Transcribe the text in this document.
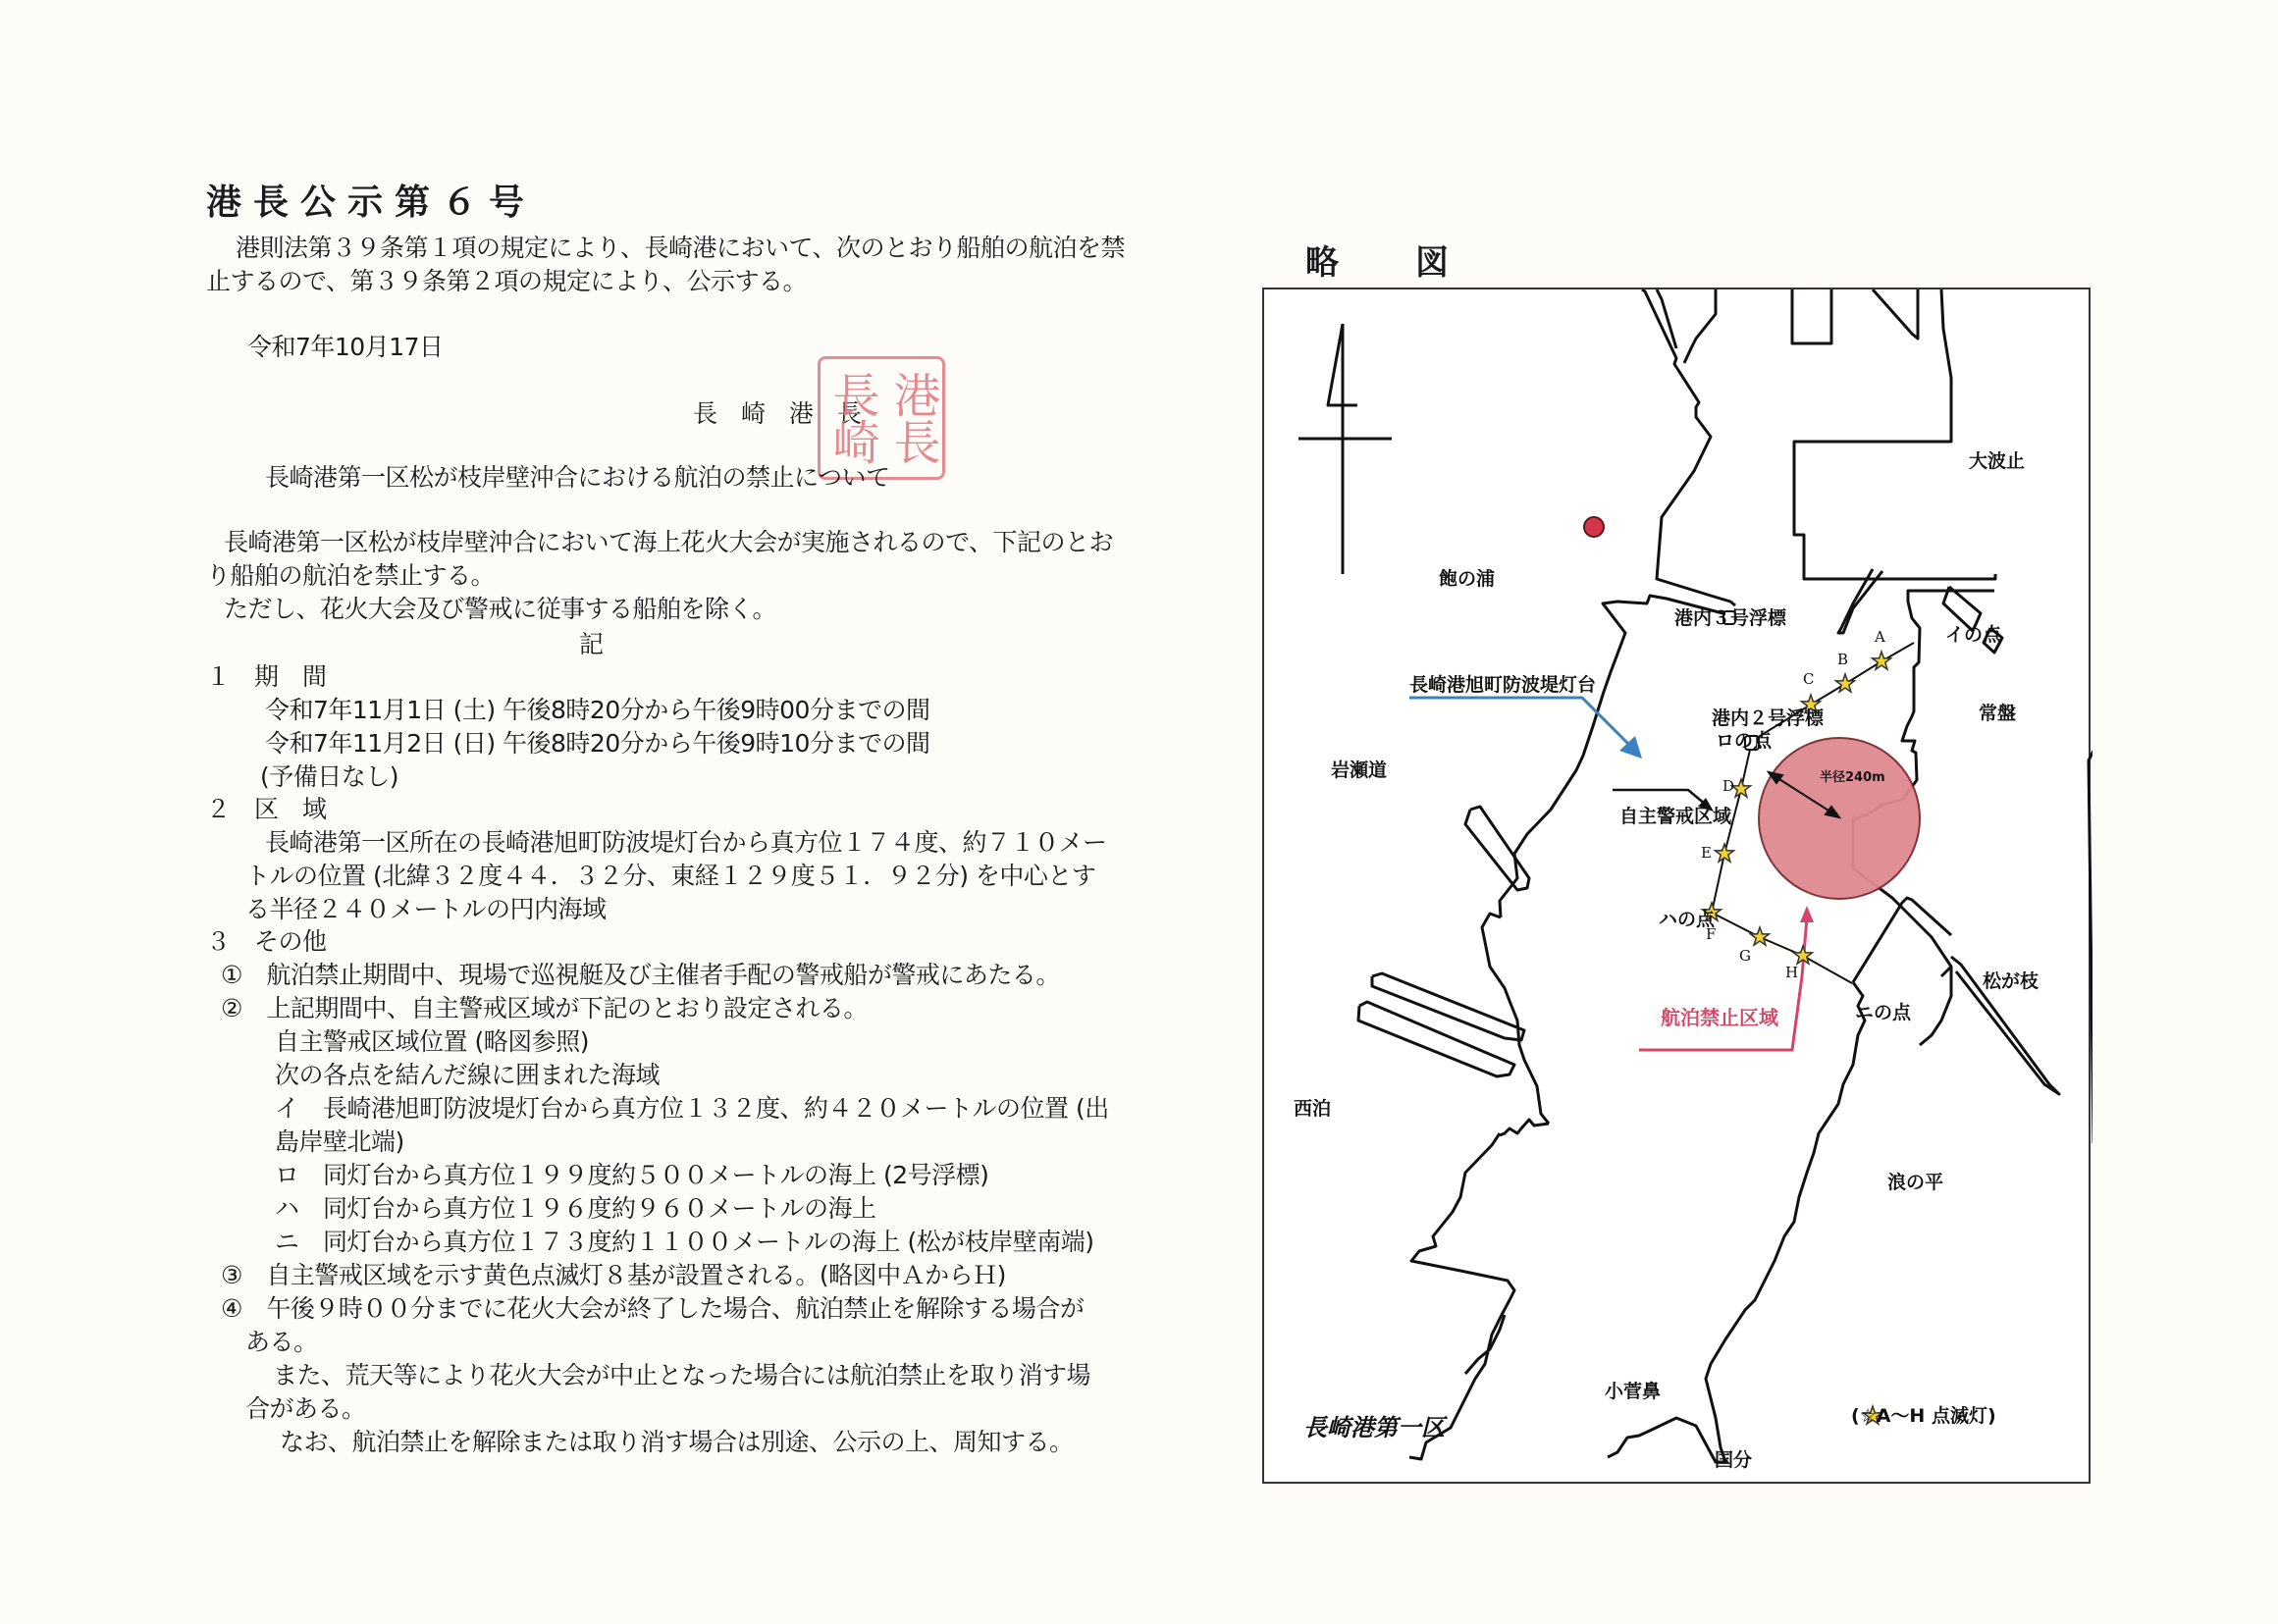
港長公示第６号
港則法第３９条第１項の規定により、長崎港において、次のとおり船舶の航泊を禁
止するので、第３９条第２項の規定により、公示する。
令和7年10月17日
長 崎 港 長
長崎 港長
長崎港第一区松が枝岸壁沖合における航泊の禁止について
長崎港第一区松が枝岸壁沖合において海上花火大会が実施されるので、下記のとお
り船舶の航泊を禁止する。
ただし、花火大会及び警戒に従事する船舶を除く。
記
１　期　間
令和7年11月1日 (土) 午後8時20分から午後9時00分までの間
令和7年11月2日 (日) 午後8時20分から午後9時10分までの間
(予備日なし)
２　区　域
長崎港第一区所在の長崎港旭町防波堤灯台から真方位１７４度、約７１０メー
トルの位置 (北緯３２度４４．３２分、東経１２９度５１．９２分) を中心とす
る半径２４０メートルの円内海域
３　その他
①　航泊禁止期間中、現場で巡視艇及び主催者手配の警戒船が警戒にあたる。
②　上記期間中、自主警戒区域が下記のとおり設定される。
自主警戒区域位置 (略図参照)
次の各点を結んだ線に囲まれた海域
イ　長崎港旭町防波堤灯台から真方位１３２度、約４２０メートルの位置 (出
島岸壁北端)
ロ　同灯台から真方位１９９度約５００メートルの海上 (2号浮標)
ハ　同灯台から真方位１９６度約９６０メートルの海上
ニ　同灯台から真方位１７３度約１１００メートルの海上 (松が枝岸壁南端)
③　自主警戒区域を示す黄色点滅灯８基が設置される。(略図中ＡからＨ)
④　午後９時００分までに花火大会が終了した場合、航泊禁止を解除する場合が
ある。
また、荒天等により花火大会が中止となった場合には航泊禁止を取り消す場
合がある。
なお、航泊禁止を解除または取り消す場合は別途、公示の上、周知する。
略　図
長崎港旭町防波堤灯台
大波止
飽の浦
港内３号浮標
イの点
港内２号浮標
ロの点
常盤
岩瀬道
自主警戒区域
半径240m
ハの点
ニの点
松が枝
航泊禁止区域
西泊
浪の平
小菅鼻
長崎港第一区
国分
(☆A～H 点滅灯)
A
B
C
D
E
F
G
H
